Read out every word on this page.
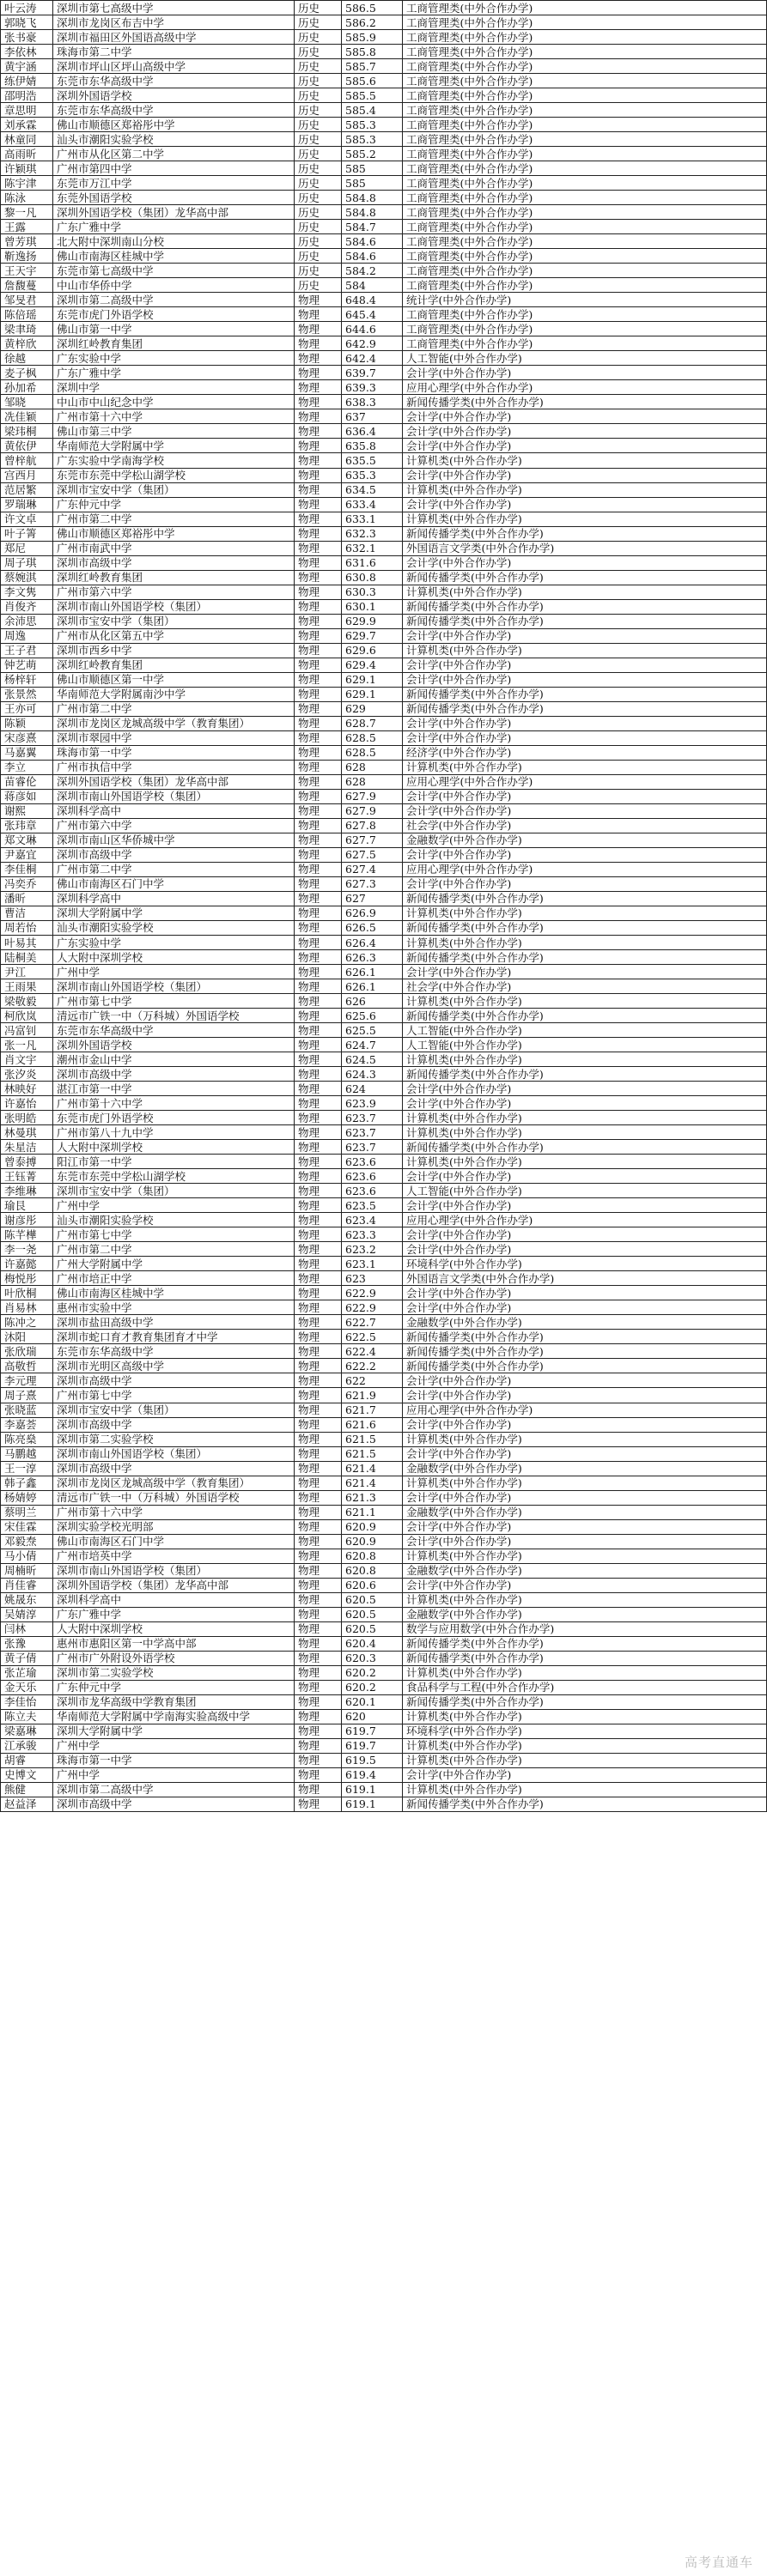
叶云涛	深圳市第七高级中学	历史	586.5	工商管理类(中外合作办学)
郭晓飞	深圳市龙岗区布吉中学	历史	586.2	工商管理类(中外合作办学)
张书豪	深圳市福田区外国语高级中学	历史	585.9	工商管理类(中外合作办学)
李依林	珠海市第二中学	历史	585.8	工商管理类(中外合作办学)
黄宇涵	深圳市坪山区坪山高级中学	历史	585.7	工商管理类(中外合作办学)
练伊婧	东莞市东华高级中学	历史	585.6	工商管理类(中外合作办学)
邵明浩	深圳外国语学校	历史	585.5	工商管理类(中外合作办学)
章思明	东莞市东华高级中学	历史	585.4	工商管理类(中外合作办学)
刘承霖	佛山市顺德区郑裕彤中学	历史	585.3	工商管理类(中外合作办学)
林童同	汕头市潮阳实验学校	历史	585.3	工商管理类(中外合作办学)
高雨昕	广州市从化区第二中学	历史	585.2	工商管理类(中外合作办学)
许颖琪	广州市第四中学	历史	585	工商管理类(中外合作办学)
陈宇津	东莞市万江中学	历史	585	工商管理类(中外合作办学)
陈泳	东莞外国语学校	历史	584.8	工商管理类(中外合作办学)
黎一凡	深圳外国语学校（集团）龙华高中部	历史	584.8	工商管理类(中外合作办学)
王露	广东广雅中学	历史	584.7	工商管理类(中外合作办学)
曾芳琪	北大附中深圳南山分校	历史	584.6	工商管理类(中外合作办学)
靳逸扬	佛山市南海区桂城中学	历史	584.6	工商管理类(中外合作办学)
王天宇	东莞市第七高级中学	历史	584.2	工商管理类(中外合作办学)
詹馥蔓	中山市华侨中学	历史	584	工商管理类(中外合作办学)
邹旻君	深圳市第二高级中学	物理	648.4	统计学(中外合作办学)
陈倍瑶	东莞市虎门外语学校	物理	645.4	工商管理类(中外合作办学)
梁聿琦	佛山市第一中学	物理	644.6	工商管理类(中外合作办学)
黄梓欣	深圳红岭教育集团	物理	642.9	工商管理类(中外合作办学)
徐越	广东实验中学	物理	642.4	人工智能(中外合作办学)
麦子枫	广东广雅中学	物理	639.7	会计学(中外合作办学)
孙加希	深圳中学	物理	639.3	应用心理学(中外合作办学)
邹晓	中山市中山纪念中学	物理	638.3	新闻传播学类(中外合作办学)
冼佳颖	广州市第十六中学	物理	637	会计学(中外合作办学)
梁玮桐	佛山市第三中学	物理	636.4	会计学(中外合作办学)
黄依伊	华南师范大学附属中学	物理	635.8	会计学(中外合作办学)
曾梓航	广东实验中学南海学校	物理	635.5	计算机类(中外合作办学)
宫西月	东莞市东莞中学松山湖学校	物理	635.3	会计学(中外合作办学)
范居繁	深圳市宝安中学（集团）	物理	634.5	计算机类(中外合作办学)
罗瑞琳	广东仲元中学	物理	633.4	会计学(中外合作办学)
许文卓	广州市第二中学	物理	633.1	计算机类(中外合作办学)
叶子箐	佛山市顺德区郑裕彤中学	物理	632.3	新闻传播学类(中外合作办学)
郑尼	广州市南武中学	物理	632.1	外国语言文学类(中外合作办学)
周子琪	深圳市高级中学	物理	631.6	会计学(中外合作办学)
蔡婉淇	深圳红岭教育集团	物理	630.8	新闻传播学类(中外合作办学)
李文隽	广州市第六中学	物理	630.3	计算机类(中外合作办学)
肖俊齐	深圳市南山外国语学校（集团）	物理	630.1	新闻传播学类(中外合作办学)
余沛思	深圳市宝安中学（集团）	物理	629.9	新闻传播学类(中外合作办学)
周逸	广州市从化区第五中学	物理	629.7	会计学(中外合作办学)
王子君	深圳市西乡中学	物理	629.6	计算机类(中外合作办学)
钟艺萌	深圳红岭教育集团	物理	629.4	会计学(中外合作办学)
杨梓轩	佛山市顺德区第一中学	物理	629.1	会计学(中外合作办学)
张景然	华南师范大学附属南沙中学	物理	629.1	新闻传播学类(中外合作办学)
王亦可	广州市第二中学	物理	629	新闻传播学类(中外合作办学)
陈颖	深圳市龙岗区龙城高级中学（教育集团）	物理	628.7	会计学(中外合作办学)
宋彦熹	深圳市翠园中学	物理	628.5	会计学(中外合作办学)
马嘉翼	珠海市第一中学	物理	628.5	经济学(中外合作办学)
李立	广州市执信中学	物理	628	计算机类(中外合作办学)
苗睿伦	深圳外国语学校（集团）龙华高中部	物理	628	应用心理学(中外合作办学)
蒋彦如	深圳市南山外国语学校（集团）	物理	627.9	会计学(中外合作办学)
谢熙	深圳科学高中	物理	627.9	会计学(中外合作办学)
张玮章	广州市第六中学	物理	627.8	社会学(中外合作办学)
郑文琳	深圳市南山区华侨城中学	物理	627.7	金融数学(中外合作办学)
尹嘉宜	深圳市高级中学	物理	627.5	会计学(中外合作办学)
李佳桐	广州市第二中学	物理	627.4	应用心理学(中外合作办学)
冯奕乔	佛山市南海区石门中学	物理	627.3	会计学(中外合作办学)
潘昕	深圳科学高中	物理	627	新闻传播学类(中外合作办学)
曹洁	深圳大学附属中学	物理	626.9	计算机类(中外合作办学)
周若怡	汕头市潮阳实验学校	物理	626.5	新闻传播学类(中外合作办学)
叶易其	广东实验中学	物理	626.4	计算机类(中外合作办学)
陆桐美	人大附中深圳学校	物理	626.3	新闻传播学类(中外合作办学)
尹江	广州中学	物理	626.1	会计学(中外合作办学)
王雨果	深圳市南山外国语学校（集团）	物理	626.1	社会学(中外合作办学)
梁敬毅	广州市第七中学	物理	626	计算机类(中外合作办学)
柯欣岚	清远市广铁一中（万科城）外国语学校	物理	625.6	新闻传播学类(中外合作办学)
冯富钊	东莞市东华高级中学	物理	625.5	人工智能(中外合作办学)
张一凡	深圳外国语学校	物理	624.7	人工智能(中外合作办学)
肖文宇	潮州市金山中学	物理	624.5	计算机类(中外合作办学)
张汐炎	深圳市高级中学	物理	624.3	新闻传播学类(中外合作办学)
林映好	湛江市第一中学	物理	624	会计学(中外合作办学)
许嘉怡	广州市第十六中学	物理	623.9	会计学(中外合作办学)
张明皓	东莞市虎门外语学校	物理	623.7	计算机类(中外合作办学)
林曼琪	广州市第八十九中学	物理	623.7	计算机类(中外合作办学)
朱星洁	人大附中深圳学校	物理	623.7	新闻传播学类(中外合作办学)
曾泰搏	阳江市第一中学	物理	623.6	计算机类(中外合作办学)
王钰菁	东莞市东莞中学松山湖学校	物理	623.6	会计学(中外合作办学)
李维琳	深圳市宝安中学（集团）	物理	623.6	人工智能(中外合作办学)
瑜艮	广州中学	物理	623.5	会计学(中外合作办学)
谢彦彤	汕头市潮阳实验学校	物理	623.4	应用心理学(中外合作办学)
陈芊樺	广州市第七中学	物理	623.3	会计学(中外合作办学)
李一尧	广州市第二中学	物理	623.2	会计学(中外合作办学)
许嘉懿	广州大学附属中学	物理	623.1	环境科学(中外合作办学)
梅悦彤	广州市培正中学	物理	623	外国语言文学类(中外合作办学)
叶欣桐	佛山市南海区桂城中学	物理	622.9	会计学(中外合作办学)
肖易林	惠州市实验中学	物理	622.9	会计学(中外合作办学)
陈冲之	深圳市盐田高级中学	物理	622.7	金融数学(中外合作办学)
沐阳	深圳市蛇口育才教育集团育才中学	物理	622.5	新闻传播学类(中外合作办学)
张欣瑞	东莞市东华高级中学	物理	622.4	新闻传播学类(中外合作办学)
高敬哲	深圳市光明区高级中学	物理	622.2	新闻传播学类(中外合作办学)
李元理	深圳市高级中学	物理	622	会计学(中外合作办学)
周子熹	广州市第七中学	物理	621.9	会计学(中外合作办学)
张晓蓝	深圳市宝安中学（集团）	物理	621.7	应用心理学(中外合作办学)
李嘉荟	深圳市高级中学	物理	621.6	会计学(中外合作办学)
陈亮燊	深圳市第二实验学校	物理	621.5	计算机类(中外合作办学)
马鹏越	深圳市南山外国语学校（集团）	物理	621.5	会计学(中外合作办学)
王一淳	深圳市高级中学	物理	621.4	金融数学(中外合作办学)
韩子鑫	深圳市龙岗区龙城高级中学（教育集团）	物理	621.4	计算机类(中外合作办学)
杨婧婷	清远市广铁一中（万科城）外国语学校	物理	621.3	会计学(中外合作办学)
蔡明兰	广州市第十六中学	物理	621.1	金融数学(中外合作办学)
宋佳霖	深圳实验学校光明部	物理	620.9	会计学(中外合作办学)
邓毅焘	佛山市南海区石门中学	物理	620.9	会计学(中外合作办学)
马小倩	广州市培英中学	物理	620.8	计算机类(中外合作办学)
周楠昕	深圳市南山外国语学校（集团）	物理	620.8	金融数学(中外合作办学)
肖佳睿	深圳外国语学校（集团）龙华高中部	物理	620.6	会计学(中外合作办学)
姚晟东	深圳科学高中	物理	620.5	计算机类(中外合作办学)
吴婧淳	广东广雅中学	物理	620.5	金融数学(中外合作办学)
闫林	人大附中深圳学校	物理	620.5	数学与应用数学(中外合作办学)
张豫	惠州市惠阳区第一中学高中部	物理	620.4	新闻传播学类(中外合作办学)
黄子倩	广州市广外附设外语学校	物理	620.3	新闻传播学类(中外合作办学)
张芷瑜	深圳市第二实验学校	物理	620.2	计算机类(中外合作办学)
金天乐	广东仲元中学	物理	620.2	食品科学与工程(中外合作办学)
李佳怡	深圳市龙华高级中学教育集团	物理	620.1	新闻传播学类(中外合作办学)
陈立夫	华南师范大学附属中学南海实验高级中学	物理	620	计算机类(中外合作办学)
梁嘉琳	深圳大学附属中学	物理	619.7	环境科学(中外合作办学)
江承骏	广州中学	物理	619.7	计算机类(中外合作办学)
胡睿	珠海市第一中学	物理	619.5	计算机类(中外合作办学)
史博文	广州中学	物理	619.4	会计学(中外合作办学)
熊健	深圳市第二高级中学	物理	619.1	计算机类(中外合作办学)
赵益泽	深圳市高级中学	物理	619.1	新闻传播学类(中外合作办学)
高考直通车
